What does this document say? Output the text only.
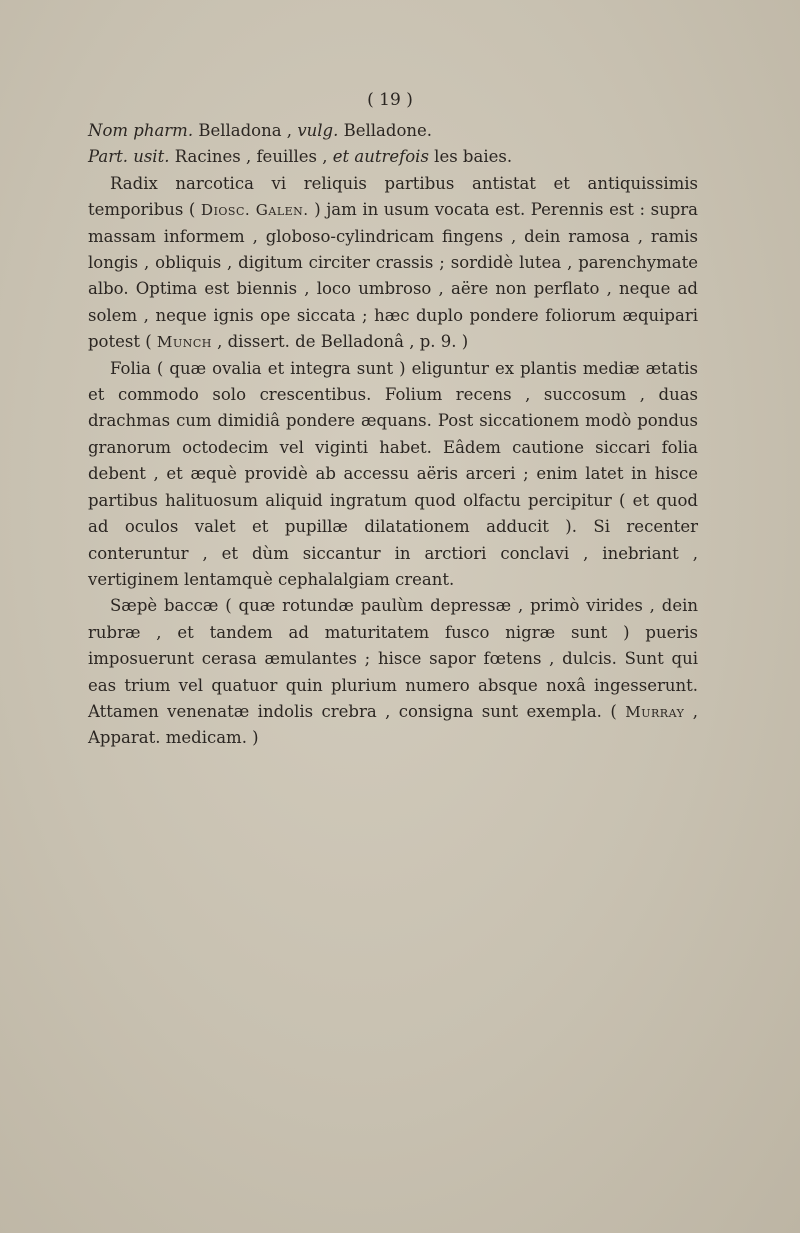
( 19 )
Nom pharm. Belladona , vulg. Belladone.
Part. usit. Racines , feuilles , et autrefois les baies.

Radix narcotica vi reliquis partibus antistat et antiquissimis temporibus ( Diosc. Galen. ) jam in usum vocata est. Perennis est : supra massam informem , globoso-cylindricam fingens , dein ramosa , ramis longis , obliquis , digitum circiter crassis ; sordidè lutea , parenchymate albo. Optima est biennis , loco umbroso , aëre non perflato , neque ad solem , neque ignis ope siccata ; hæc duplo pondere foliorum æquipari potest ( Munch , dissert. de Belladonâ , p. 9. )

Folia ( quæ ovalia et integra sunt ) eliguntur ex plantis mediæ ætatis et commodo solo crescentibus. Folium recens , succosum , duas drachmas cum dimidiâ pondere æquans. Post siccationem modò pondus granorum octodecim vel viginti habet. Eâdem cautione siccari folia debent , et æquè providè ab accessu aëris arceri ; enim latet in hisce partibus halituosum aliquid ingratum quod olfactu percipitur ( et quod ad oculos valet et pupillæ dilatationem adducit ). Si recenter conteruntur , et dùm siccantur in arctiori conclavi , inebriant , vertiginem lentamquè cephalalgiam creant.

Sæpè baccæ ( quæ rotundæ paulùm depressæ , primò virides , dein rubræ , et tandem ad maturitatem fusco nigræ sunt ) pueris imposuerunt cerasa æmulantes ; hisce sapor fœtens , dulcis. Sunt qui eas trium vel quatuor quin plurium numero absque noxâ ingesserunt. Attamen venenatæ indolis crebra , consigna sunt exempla. ( Murray , Apparat. medicam. )
